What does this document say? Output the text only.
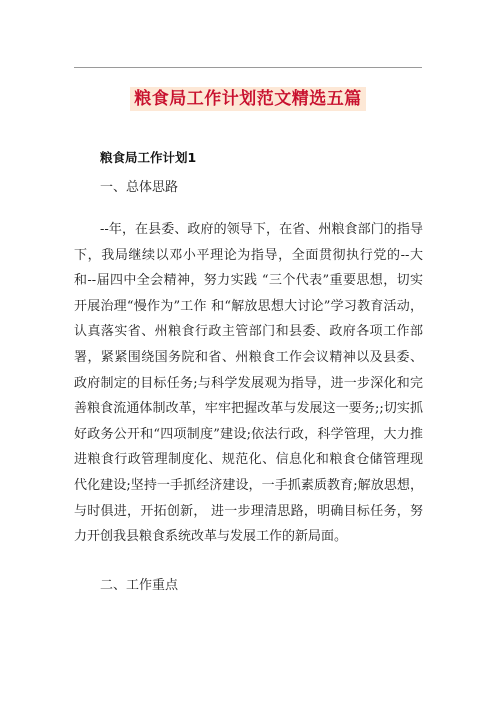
粮食局工作计划范文精选五篇
粮食局工作计划1
一、总体思路

--年，在县委、政府的领导下，在省、州粮食部门的指导下，我局继续以邓小平理论为指导，全面贯彻执行党的--大和--届四中全会精神，努力实践 “三个代表”重要思想，切实开展治理“慢作为”工作 和“解放思想大讨论”学习教育活动，认真落实省、州粮食行政主管部门和县委、政府各项工作部署，紧紧围绕国务院和省、州粮食工作会议精神以及县委、政府制定的目标任务;与科学发展观为指导，进一步深化和完善粮食流通体制改革，牢牢把握改革与发展这一要务;;切实抓好政务公开和“四项制度”建设;依法行政，科学管理，大力推进粮食行政管理制度化、规范化、信息化和粮食仓储管理现代化建设;坚持一手抓经济建设，一手抓素质教育;解放思想，与时俱进，开拓创新， 进一步理清思路，明确目标任务，努力开创我县粮食系统改革与发展工作的新局面。

二、工作重点
